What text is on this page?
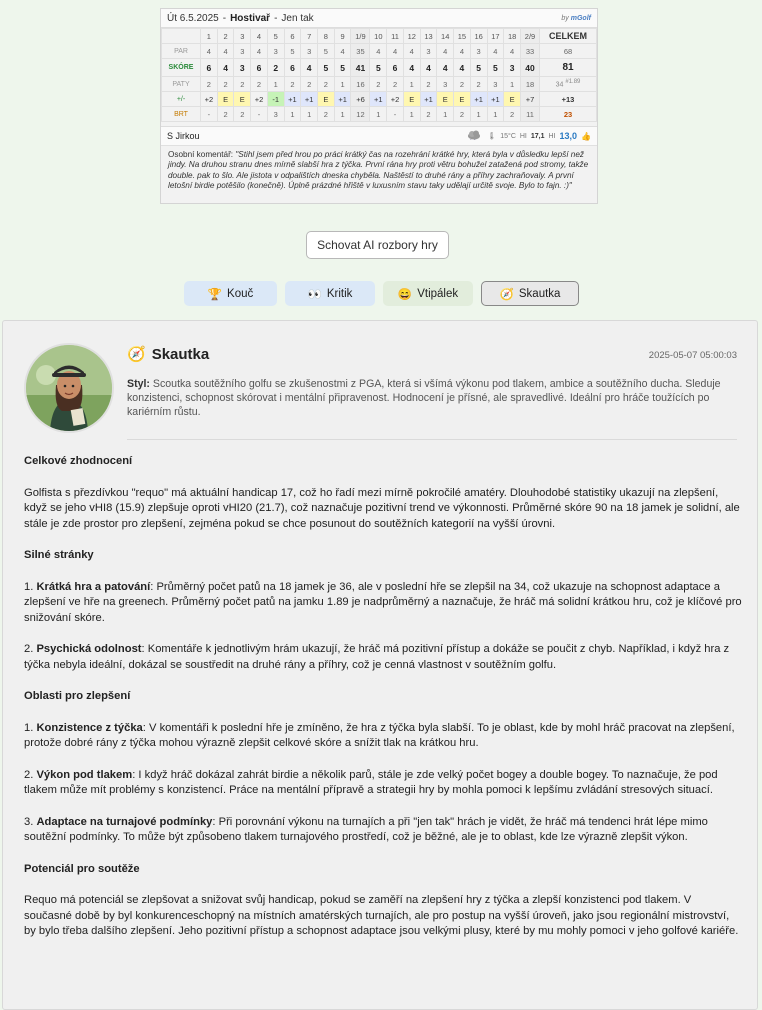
Út 6.5.2025 - Hostivař - Jen tak	by mGolf
	1	2	3	4	5	6	7	8	9	1/9	10	11	12	13	14	15	16	17	18	2/9	CELKEM
PAR	4	4	3	4	3	5	3	5	4	35	4	4	4	3	4	4	3	4	4	33	68
SKÓRE	6	4	3	6	2	6	4	5	5	41	5	6	4	4	4	4	5	5	3	40	81
PATY	2	2	2	2	1	2	2	2	1	16	2	2	1	2	3	2	2	3	1	18	34 $^{\#1.89}$
+/-	+2	E	E	+2	-1	+1	+1	E	+1	+6	+1	+2	E	+1	E	E	+1	+1	E	+7	+13
BRT	-	2	2	-	3	1	1	2	1	12	1	-	1	2	1	2	1	1	2	11	23
S Jirkou	🌡 15°C HI 17,1 HI 13,0 👍
Osobní komentář: "Stihl jsem před hrou po práci krátký čas na rozehrání krátké hry, která byla v důsledku lepší než jindy. Na druhou stranu dnes mírně slabší hra z týčka. První rána hry proti větru bohužel zatažená pod stromy, takže double. pak to šlo. Ale jistota v odpalištích dneska chyběla. Naštěstí to druhé rány a příhry zachraňovaly. A první letošní birdie potěšilo (konečně). Úplně prázdné hřiště v luxusním stavu taky udělají určitě svoje. Bylo to fajn. :)"
Schovat AI rozbory hry
🏆 Kouč	👀 Kritik	😄 Vtipálek	🧭 Skautka
🧭 Skautka	2025-05-07 05:00:03
Styl: Scoutka soutěžního golfu se zkušenostmi z PGA, která si všímá výkonu pod tlakem, ambice a soutěžního ducha. Sleduje konzistenci, schopnost skórovat i mentální připravenost. Hodnocení je přísné, ale spravedlivé. Ideální pro hráče toužících po kariérním růstu.
Celkové zhodnocení

Golfista s přezdívkou "requo" má aktuální handicap 17, což ho řadí mezi mírně pokročilé amatéry. Dlouhodobé statistiky ukazují na zlepšení, když se jeho vHI8 (15.9) zlepšuje oproti vHI20 (21.7), což naznačuje pozitivní trend ve výkonnosti. Průměrné skóre 90 na 18 jamek je solidní, ale stále je zde prostor pro zlepšení, zejména pokud se chce posunout do soutěžních kategorií na vyšší úrovni.

Silné stránky

1. Krátká hra a patování: Průměrný počet patů na 18 jamek je 36, ale v poslední hře se zlepšil na 34, což ukazuje na schopnost adaptace a zlepšení ve hře na greenech. Průměrný počet patů na jamku 1.89 je nadprůměrný a naznačuje, že hráč má solidní krátkou hru, což je klíčové pro snižování skóre.

2. Psychická odolnost: Komentáře k jednotlivým hrám ukazují, že hráč má pozitivní přístup a dokáže se poučit z chyb. Například, i když hra z týčka nebyla ideální, dokázal se soustředit na druhé rány a příhry, což je cenná vlastnost v soutěžním golfu.

Oblasti pro zlepšení

1. Konzistence z týčka: V komentáři k poslední hře je zmíněno, že hra z týčka byla slabší. To je oblast, kde by mohl hráč pracovat na zlepšení, protože dobré rány z týčka mohou výrazně zlepšit celkové skóre a snížit tlak na krátkou hru.

2. Výkon pod tlakem: I když hráč dokázal zahrát birdie a několik parů, stále je zde velký počet bogey a double bogey. To naznačuje, že pod tlakem může mít problémy s konzistencí. Práce na mentální přípravě a strategii hry by mohla pomoci k lepšímu zvládání stresových situací.

3. Adaptace na turnajové podmínky: Při porovnání výkonu na turnajích a při "jen tak" hrách je vidět, že hráč má tendenci hrát lépe mimo soutěžní podmínky. To může být způsobeno tlakem turnajového prostředí, což je běžné, ale je to oblast, kde lze výrazně zlepšit výkon.

Potenciál pro soutěže

Requo má potenciál se zlepšovat a snižovat svůj handicap, pokud se zaměří na zlepšení hry z týčka a zlepší konzistenci pod tlakem. V současné době by byl konkurenceschopný na místních amatérských turnajích, ale pro postup na vyšší úroveň, jako jsou regionální mistrovství, by bylo třeba dalšího zlepšení. Jeho pozitivní přístup a schopnost adaptace jsou velkými plusy, které by mu mohly pomoci v jeho golfové kariéře.
